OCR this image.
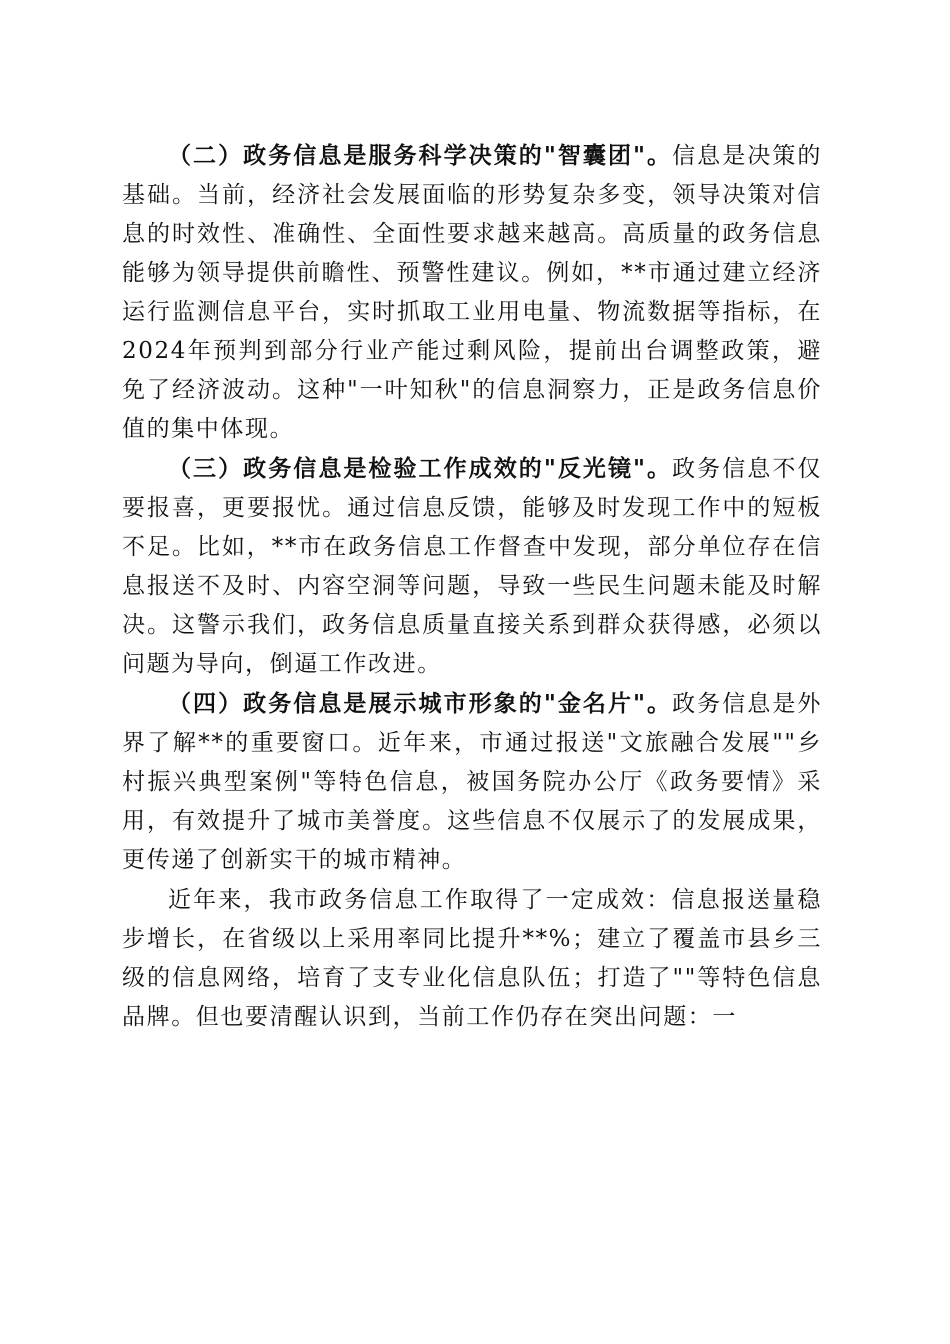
（二）政务信息是服务科学决策的"智囊团"。信息是决策的基础。当前，经济社会发展面临的形势复杂多变，领导决策对信息的时效性、准确性、全面性要求越来越高。高质量的政务信息能够为领导提供前瞻性、预警性建议。例如，**市通过建立经济运行监测信息平台，实时抓取工业用电量、物流数据等指标，在2024年预判到部分行业产能过剩风险，提前出台调整政策，避免了经济波动。这种"一叶知秋"的信息洞察力，正是政务信息价值的集中体现。

（三）政务信息是检验工作成效的"反光镜"。政务信息不仅要报喜，更要报忧。通过信息反馈，能够及时发现工作中的短板不足。比如，**市在政务信息工作督查中发现，部分单位存在信息报送不及时、内容空洞等问题，导致一些民生问题未能及时解决。这警示我们，政务信息质量直接关系到群众获得感，必须以问题为导向，倒逼工作改进。

（四）政务信息是展示城市形象的"金名片"。政务信息是外界了解**的重要窗口。近年来，市通过报送"文旅融合发展""乡村振兴典型案例"等特色信息，被国务院办公厅《政务要情》采用，有效提升了城市美誉度。这些信息不仅展示了的发展成果，更传递了创新实干的城市精神。

近年来，我市政务信息工作取得了一定成效：信息报送量稳步增长，在省级以上采用率同比提升**%；建立了覆盖市县乡三级的信息网络，培育了支专业化信息队伍；打造了""等特色信息品牌。但也要清醒认识到，当前工作仍存在突出问题：一
